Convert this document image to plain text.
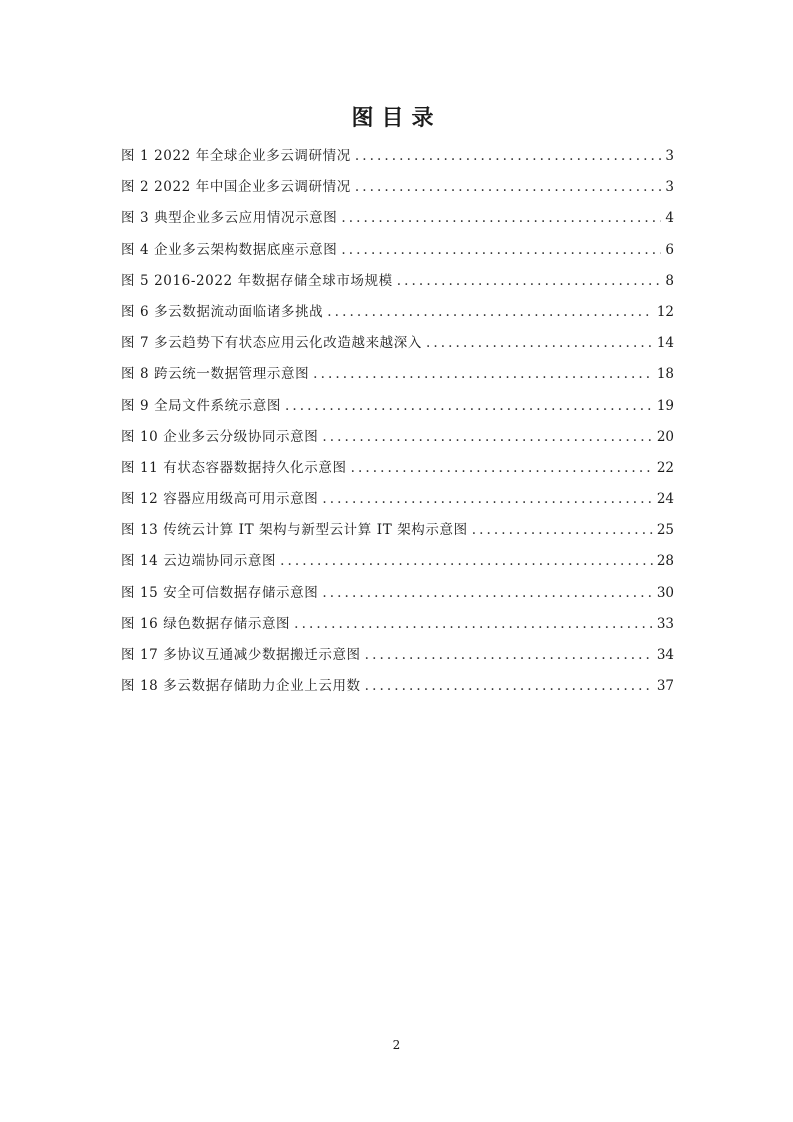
图目录
图 1 2022 年全球企业多云调研情况 .....	3
图 2 2022 年中国企业多云调研情况 .....	3
图 3 典型企业多云应用情况示意图 .....	4
图 4 企业多云架构数据底座示意图 .....	6
图 5 2016-2022 年数据存储全球市场规模 .....	8
图 6 多云数据流动面临诸多挑战 .....	12
图 7 多云趋势下有状态应用云化改造越来越深入 .....	14
图 8 跨云统一数据管理示意图 .....	18
图 9 全局文件系统示意图 .....	19
图 10 企业多云分级协同示意图 .....	20
图 11 有状态容器数据持久化示意图 .....	22
图 12 容器应用级高可用示意图 .....	24
图 13 传统云计算 IT 架构与新型云计算 IT 架构示意图 .....	25
图 14 云边端协同示意图 .....	28
图 15 安全可信数据存储示意图 .....	30
图 16 绿色数据存储示意图 .....	33
图 17 多协议互通减少数据搬迁示意图 .....	34
图 18 多云数据存储助力企业上云用数 .....	37
2
